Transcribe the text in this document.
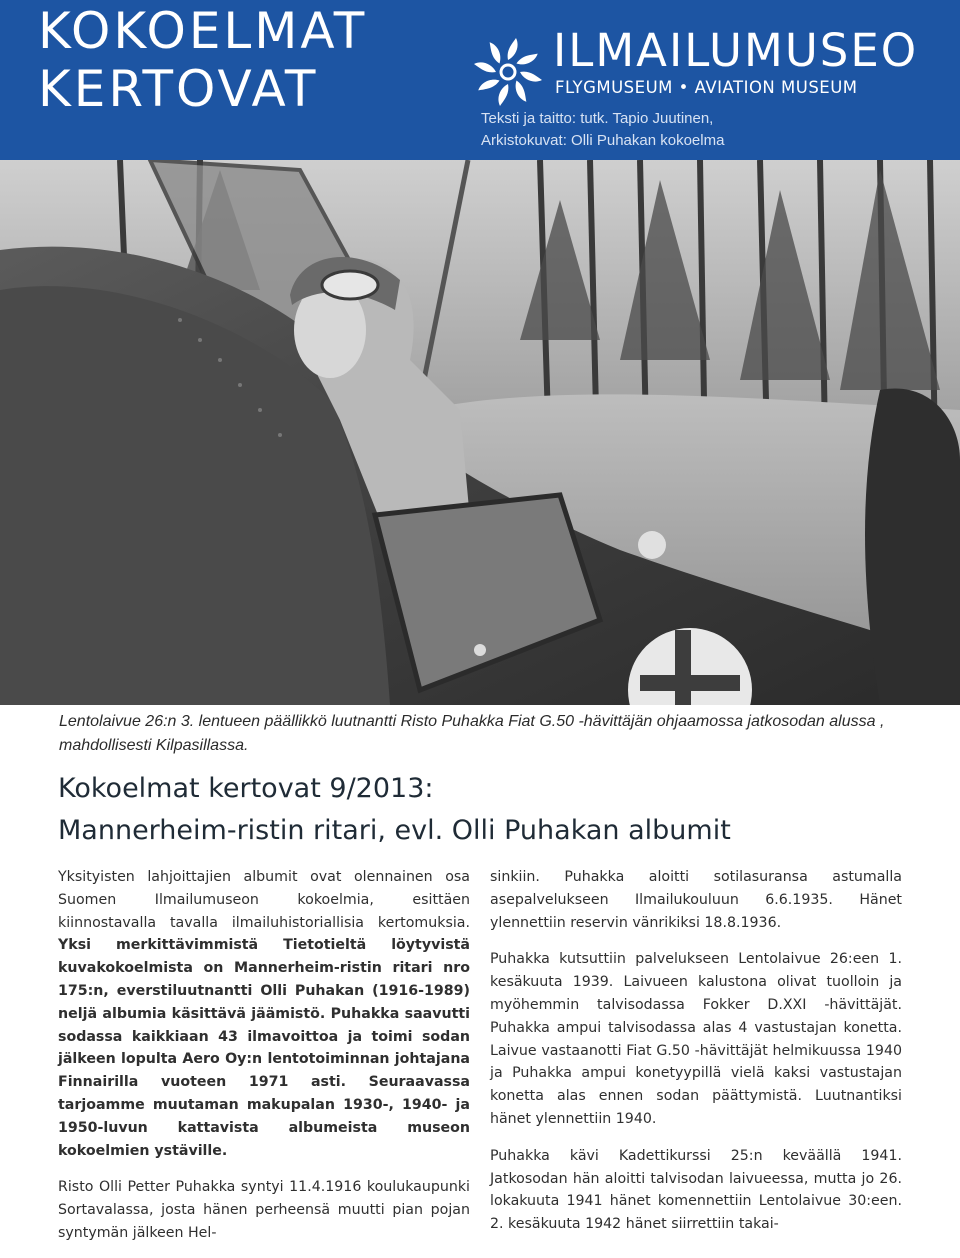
KOKOELMAT
KERTOVAT
ILMAILUMUSEO
FLYGMUSEUM • AVIATION MUSEUM
Teksti ja taitto: tutk. Tapio Juutinen,
Arkistokuvat: Olli Puhakan kokoelma
Lentolaivue 26:n 3. lentueen päällikkö luutnantti Risto Puhakka Fiat G.50 -hävittäjän ohjaamossa jatkosodan alussa , mahdollisesti Kilpasillassa.
Kokoelmat kertovat 9/2013:
Mannerheim-ristin ritari, evl. Olli Puhakan albumit

Yksityisten lahjoittajien albumit ovat olennainen osa Suomen Ilmailumuseon kokoelmia, esittäen kiinnostavalla tavalla ilmailuhistoriallisia kertomuksia. Yksi merkittävimmistä Tietotieltä löytyvistä kuvakokoelmista on Mannerheim-ristin ritari nro 175:n, everstiluutnantti Olli Puhakan (1916-1989) neljä albumia käsittävä jäämistö. Puhakka saavutti sodassa kaikkiaan 43 ilmavoittoa ja toimi sodan jälkeen lopulta Aero Oy:n lentotoiminnan johtajana Finnairilla vuoteen 1971 asti. Seuraavassa tarjoamme muutaman makupalan 1930-, 1940- ja 1950-luvun kattavista albumeista museon kokoelmien ystäville.

Risto Olli Petter Puhakka syntyi 11.4.1916 koulukaupunki Sortavalassa, josta hänen perheensä muutti pian pojan syntymän jälkeen Hel-

sinkiin. Puhakka aloitti sotilasuransa astumalla asepalvelukseen Ilmailukouluun 6.6.1935. Hänet ylennettiin reservin vänrikiksi 18.8.1936.

Puhakka kutsuttiin palvelukseen Lentolaivue 26:een 1. kesäkuuta 1939. Laivueen kalustona olivat tuolloin ja myöhemmin talvisodassa Fokker D.XXI -hävittäjät. Puhakka ampui talvisodassa alas 4 vastustajan konetta. Laivue vastaanotti Fiat G.50 -hävittäjät helmikuussa 1940 ja Puhakka ampui konetyypillä vielä kaksi vastustajan konetta alas ennen sodan päättymistä. Luutnantiksi hänet ylennettiin 1940.

Puhakka kävi Kadettikurssi 25:n keväällä 1941. Jatkosodan hän aloitti talvisodan laivueessa, mutta jo 26. lokakuuta 1941 hänet komennettiin Lentolaivue 30:een. 2. kesäkuuta 1942 hänet siirrettiin takai-
